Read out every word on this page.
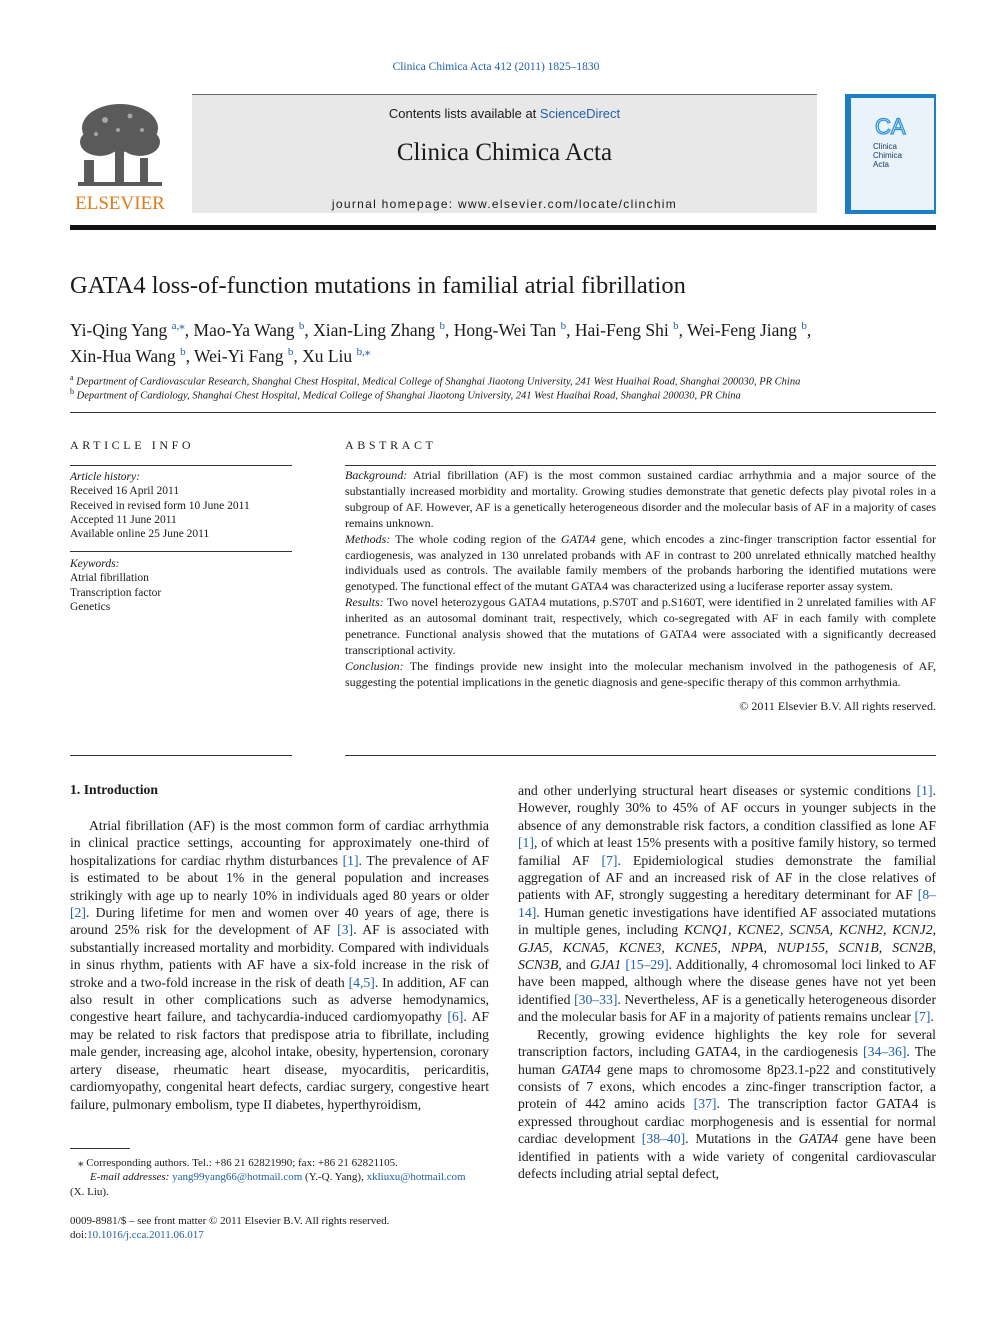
Clinica Chimica Acta 412 (2011) 1825–1830
ELSEVIER
Contents lists available at ScienceDirect
Clinica Chimica Acta
journal homepage: www.elsevier.com/locate/clinchim
CA
Clinica
Chimica
Acta
GATA4 loss-of-function mutations in familial atrial fibrillation
Yi-Qing Yang $^{a,⁎}$, Mao-Ya Wang $^b$, Xian-Ling Zhang $^b$, Hong-Wei Tan $^b$, Hai-Feng Shi $^b$, Wei-Feng Jiang $^b$,
Xin-Hua Wang $^b$, Wei-Yi Fang $^b$, Xu Liu $^{b,⁎}$
$^a$ Department of Cardiovascular Research, Shanghai Chest Hospital, Medical College of Shanghai Jiaotong University, 241 West Huaihai Road, Shanghai 200030, PR China
$^b$ Department of Cardiology, Shanghai Chest Hospital, Medical College of Shanghai Jiaotong University, 241 West Huaihai Road, Shanghai 200030, PR China
ARTICLE INFO
Article history:
Received 16 April 2011
Received in revised form 10 June 2011
Accepted 11 June 2011
Available online 25 June 2011
Keywords:
Atrial fibrillation
Transcription factor
Genetics
ABSTRACT

Background: Atrial fibrillation (AF) is the most common sustained cardiac arrhythmia and a major source of the substantially increased morbidity and mortality. Growing studies demonstrate that genetic defects play pivotal roles in a subgroup of AF. However, AF is a genetically heterogeneous disorder and the molecular basis of AF in a majority of cases remains unknown.

Methods: The whole coding region of the GATA4 gene, which encodes a zinc-finger transcription factor essential for cardiogenesis, was analyzed in 130 unrelated probands with AF in contrast to 200 unrelated ethnically matched healthy individuals used as controls. The available family members of the probands harboring the identified mutations were genotyped. The functional effect of the mutant GATA4 was characterized using a luciferase reporter assay system.

Results: Two novel heterozygous GATA4 mutations, p.S70T and p.S160T, were identified in 2 unrelated families with AF inherited as an autosomal dominant trait, respectively, which co-segregated with AF in each family with complete penetrance. Functional analysis showed that the mutations of GATA4 were associated with a significantly decreased transcriptional activity.

Conclusion: The findings provide new insight into the molecular mechanism involved in the pathogenesis of AF, suggesting the potential implications in the genetic diagnosis and gene-specific therapy of this common arrhythmia.

© 2011 Elsevier B.V. All rights reserved.

1. Introduction

Atrial fibrillation (AF) is the most common form of cardiac arrhythmia in clinical practice settings, accounting for approximately one-third of hospitalizations for cardiac rhythm disturbances [1]. The prevalence of AF is estimated to be about 1% in the general population and increases strikingly with age up to nearly 10% in individuals aged 80 years or older [2]. During lifetime for men and women over 40 years of age, there is around 25% risk for the development of AF [3]. AF is associated with substantially increased mortality and morbidity. Compared with individuals in sinus rhythm, patients with AF have a six-fold increase in the risk of stroke and a two-fold increase in the risk of death [4,5]. In addition, AF can also result in other complications such as adverse hemodynamics, congestive heart failure, and tachycardia-induced cardiomyopathy [6]. AF may be related to risk factors that predispose atria to fibrillate, including male gender, increasing age, alcohol intake, obesity, hypertension, coronary artery disease, rheumatic heart disease, myocarditis, pericarditis, cardiomyopathy, congenital heart defects, cardiac surgery, congestive heart failure, pulmonary embolism, type II diabetes, hyperthyroidism,

and other underlying structural heart diseases or systemic conditions [1]. However, roughly 30% to 45% of AF occurs in younger subjects in the absence of any demonstrable risk factors, a condition classified as lone AF [1], of which at least 15% presents with a positive family history, so termed familial AF [7]. Epidemiological studies demonstrate the familial aggregation of AF and an increased risk of AF in the close relatives of patients with AF, strongly suggesting a hereditary determinant for AF [8–14]. Human genetic investigations have identified AF associated mutations in multiple genes, including KCNQ1, KCNE2, SCN5A, KCNH2, KCNJ2, GJA5, KCNA5, KCNE3, KCNE5, NPPA, NUP155, SCN1B, SCN2B, SCN3B, and GJA1 [15–29]. Additionally, 4 chromosomal loci linked to AF have been mapped, although where the disease genes have not yet been identified [30–33]. Nevertheless, AF is a genetically heterogeneous disorder and the molecular basis for AF in a majority of patients remains unclear [7].

Recently, growing evidence highlights the key role for several transcription factors, including GATA4, in the cardiogenesis [34–36]. The human GATA4 gene maps to chromosome 8p23.1-p22 and constitutively consists of 7 exons, which encodes a zinc-finger transcription factor, a protein of 442 amino acids [37]. The transcription factor GATA4 is expressed throughout cardiac morphogenesis and is essential for normal cardiac development [38–40]. Mutations in the GATA4 gene have been identified in patients with a wide variety of congenital cardiovascular defects including atrial septal defect,

⁎ Corresponding authors. Tel.: +86 21 62821990; fax: +86 21 62821105.
E-mail addresses: yang99yang66@hotmail.com (Y.-Q. Yang), xkliuxu@hotmail.com
(X. Liu).
0009-8981/$ – see front matter © 2011 Elsevier B.V. All rights reserved.
doi:10.1016/j.cca.2011.06.017
